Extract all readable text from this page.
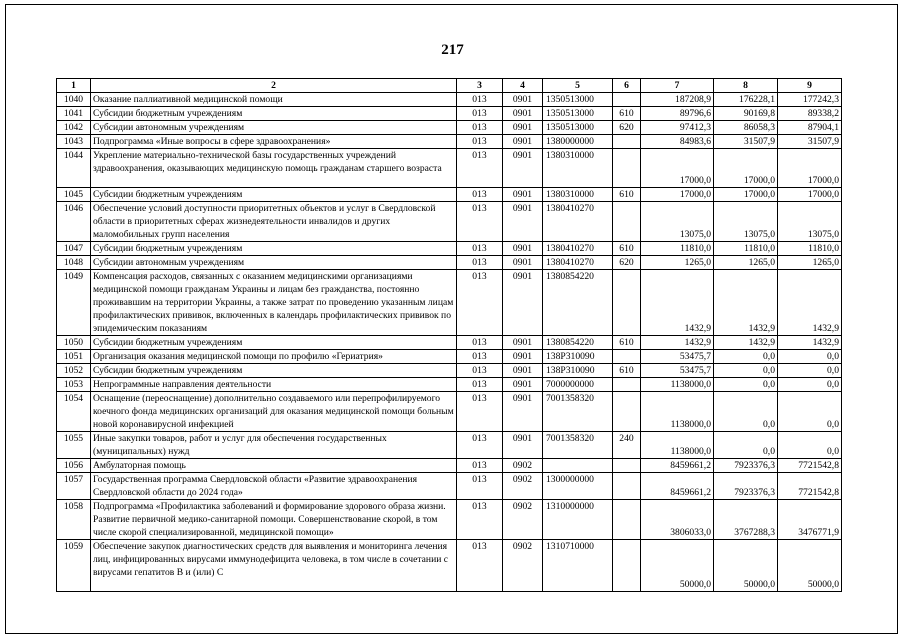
217
1	2	3	4	5	6	7	8	9
1040	Оказание паллиативной медицинской помощи	013	0901	1350513000		187208,9	176228,1	177242,3
1041	Субсидии бюджетным учреждениям	013	0901	1350513000	610	89796,6	90169,8	89338,2
1042	Субсидии автономным учреждениям	013	0901	1350513000	620	97412,3	86058,3	87904,1
1043	Подпрограмма «Иные вопросы в сфере здравоохранения»	013	0901	1380000000		84983,6	31507,9	31507,9
1044	Укрепление материально-технической базы государственных учреждений здравоохранения, оказывающих медицинскую помощь гражданам старшего возраста	013	0901	1380310000		17000,0	17000,0	17000,0
1045	Субсидии бюджетным учреждениям	013	0901	1380310000	610	17000,0	17000,0	17000,0
1046	Обеспечение условий доступности приоритетных объектов и услуг в Свердловской области в приоритетных сферах жизнедеятельности инвалидов и других маломобильных групп населения	013	0901	1380410270		13075,0	13075,0	13075,0
1047	Субсидии бюджетным учреждениям	013	0901	1380410270	610	11810,0	11810,0	11810,0
1048	Субсидии автономным учреждениям	013	0901	1380410270	620	1265,0	1265,0	1265,0
1049	Компенсация расходов, связанных с оказанием медицинскими организациями медицинской помощи гражданам Украины и лицам без гражданства, постоянно проживавшим на территории Украины, а также затрат по проведению указанным лицам профилактических прививок, включенных в календарь профилактических прививок по эпидемическим показаниям	013	0901	1380854220		1432,9	1432,9	1432,9
1050	Субсидии бюджетным учреждениям	013	0901	1380854220	610	1432,9	1432,9	1432,9
1051	Организация оказания медицинской помощи по профилю «Гериатрия»	013	0901	138P310090		53475,7	0,0	0,0
1052	Субсидии бюджетным учреждениям	013	0901	138P310090	610	53475,7	0,0	0,0
1053	Непрограммные направления деятельности	013	0901	7000000000		1138000,0	0,0	0,0
1054	Оснащение (переоснащение) дополнительно создаваемого или перепрофилируемого коечного фонда медицинских организаций для оказания медицинской помощи больным новой коронавирусной инфекцией	013	0901	7001358320		1138000,0	0,0	0,0
1055	Иные закупки товаров, работ и услуг для обеспечения государственных (муниципальных) нужд	013	0901	7001358320	240	1138000,0	0,0	0,0
1056	Амбулаторная помощь	013	0902			8459661,2	7923376,3	7721542,8
1057	Государственная программа Свердловской области «Развитие здравоохранения Свердловской области до 2024 года»	013	0902	1300000000		8459661,2	7923376,3	7721542,8
1058	Подпрограмма «Профилактика заболеваний и формирование здорового образа жизни. Развитие первичной медико-санитарной помощи. Совершенствование скорой, в том числе скорой специализированной, медицинской помощи»	013	0902	1310000000		3806033,0	3767288,3	3476771,9
1059	Обеспечение закупок диагностических средств для выявления и мониторинга лечения лиц, инфицированных вирусами иммунодефицита человека, в том числе в сочетании с вирусами гепатитов B и (или) C	013	0902	1310710000		50000,0	50000,0	50000,0
